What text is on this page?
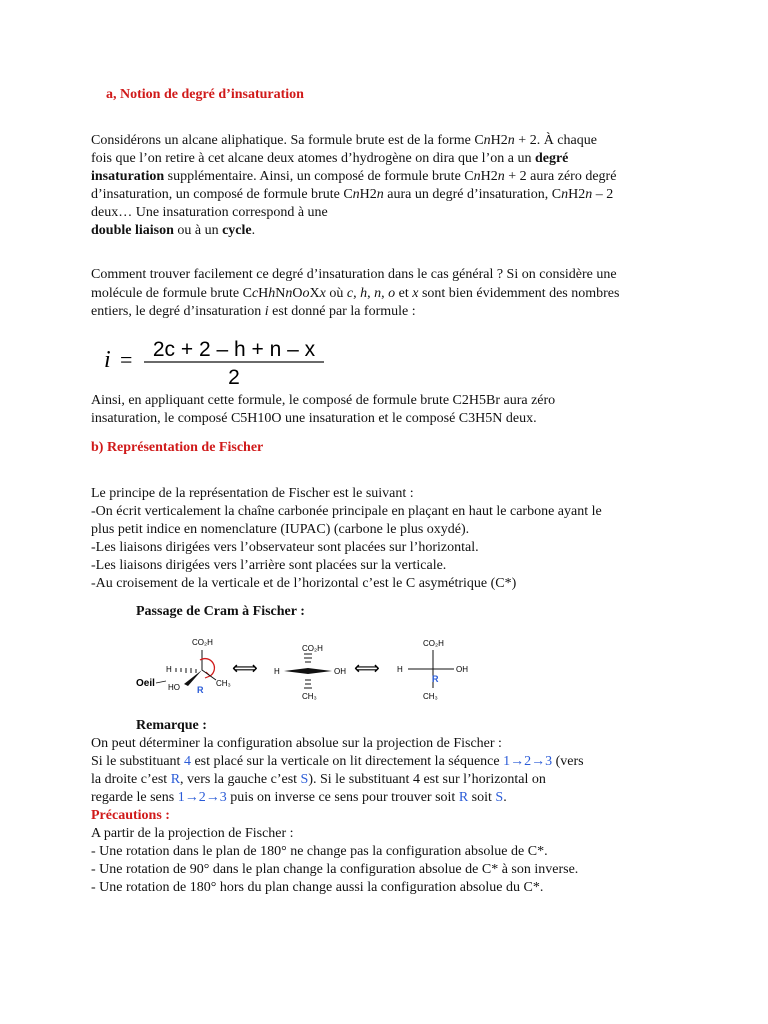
a, Notion de degré d’insaturation
Considérons un alcane aliphatique. Sa formule brute est de la forme CnH2n + 2. À chaque
fois que l’on retire à cet alcane deux atomes d’hydrogène on dira que l’on a un degré
insaturation supplémentaire. Ainsi, un composé de formule brute CnH2n + 2 aura zéro degré
d’insaturation, un composé de formule brute CnH2n aura un degré d’insaturation, CnH2n – 2
deux… Une insaturation correspond à une
double liaison ou à un cycle.
Comment trouver facilement ce degré d’insaturation dans le cas général ? Si on considère une
molécule de formule brute CcHhNnOoXx où c, h, n, o et x sont bien évidemment des nombres
entiers, le degré d’insaturation i est donné par la formule :
i = 2c + 2 – h + n – x
2
Ainsi, en appliquant cette formule, le composé de formule brute C2H5Br aura zéro
insaturation, le composé C5H10O une insaturation et le composé C3H5N deux.
b) Représentation de Fischer
Le principe de la représentation de Fischer est le suivant :
-On écrit verticalement la chaîne carbonée principale en plaçant en haut le carbone ayant le
plus petit indice en nomenclature (IUPAC) (carbone le plus oxydé).
-Les liaisons dirigées vers l’observateur sont placées sur l’horizontal.
-Les liaisons dirigées vers l’arrière sont placées sur la verticale.
-Au croisement de la verticale et de l’horizontal c’est le C asymétrique (C*)
Passage de Cram à Fischer :
CO₂H
H
HO	CH₃
Oeil
R
⟺
CO₂H
H	OH
CH₃
⟺
CO₂H
H	OH
CH₃
R
Remarque :
On peut déterminer la configuration absolue sur la projection de Fischer :
Si le substituant 4 est placé sur la verticale on lit directement la séquence 1→2→3 (vers
la droite c’est R, vers la gauche c’est S). Si le substituant 4 est sur l’horizontal on
regarde le sens 1→2→3 puis on inverse ce sens pour trouver soit R soit S.
Précautions :
A partir de la projection de Fischer :
- Une rotation dans le plan de 180° ne change pas la configuration absolue de C*.
- Une rotation de 90° dans le plan change la configuration absolue de C* à son inverse.
- Une rotation de 180° hors du plan change aussi la configuration absolue du C*.
